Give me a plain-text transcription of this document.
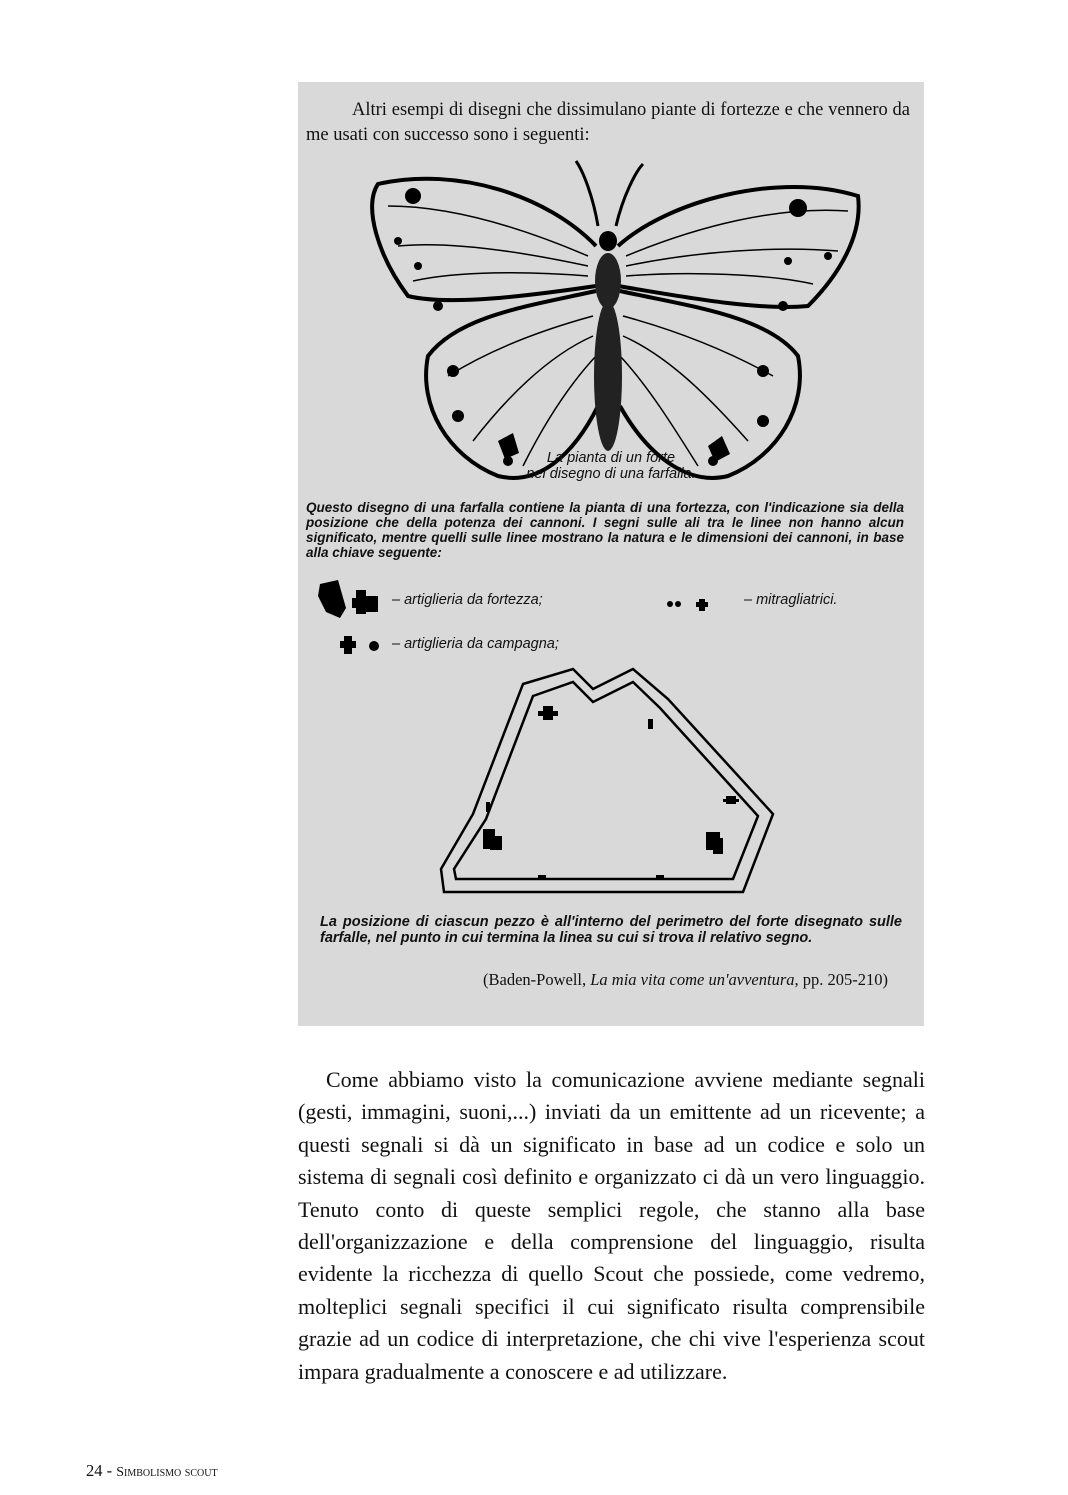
Altri esempi di disegni che dissimulano piante di fortezze e che vennero da me usati con successo sono i seguenti:

La pianta di un forte
nel disegno di una farfalla.

Questo disegno di una farfalla contiene la pianta di una fortezza, con l'indicazione sia della posizione che della potenza dei cannoni. I segni sulle ali tra le linee non hanno alcun significato, mentre quelli sulle linee mostrano la natura e le dimensioni dei cannoni, in base alla chiave seguente:

– artiglieria da fortezza;	– mitragliatrici.

– artiglieria da campagna;

La posizione di ciascun pezzo è all'interno del perimetro del forte disegnato sulle farfalle, nel punto in cui termina la linea su cui si trova il relativo segno.

(Baden-Powell, La mia vita come un'avventura, pp. 205-210)

Come abbiamo visto la comunicazione avviene mediante segnali (gesti, immagini, suoni,...) inviati da un emittente ad un ricevente; a questi segnali si dà un significato in base ad un codice e solo un sistema di segnali così definito e organizzato ci dà un vero linguaggio. Tenuto conto di queste semplici regole, che stanno alla base dell'organizzazione e della comprensione del linguaggio, risulta evidente la ricchezza di quello Scout che possiede, come vedremo, molteplici segnali specifici il cui significato risulta comprensibile grazie ad un codice di interpretazione, che chi vive l'esperienza scout impara gradualmente a conoscere e ad utilizzare.

24 - Simbolismo scout
